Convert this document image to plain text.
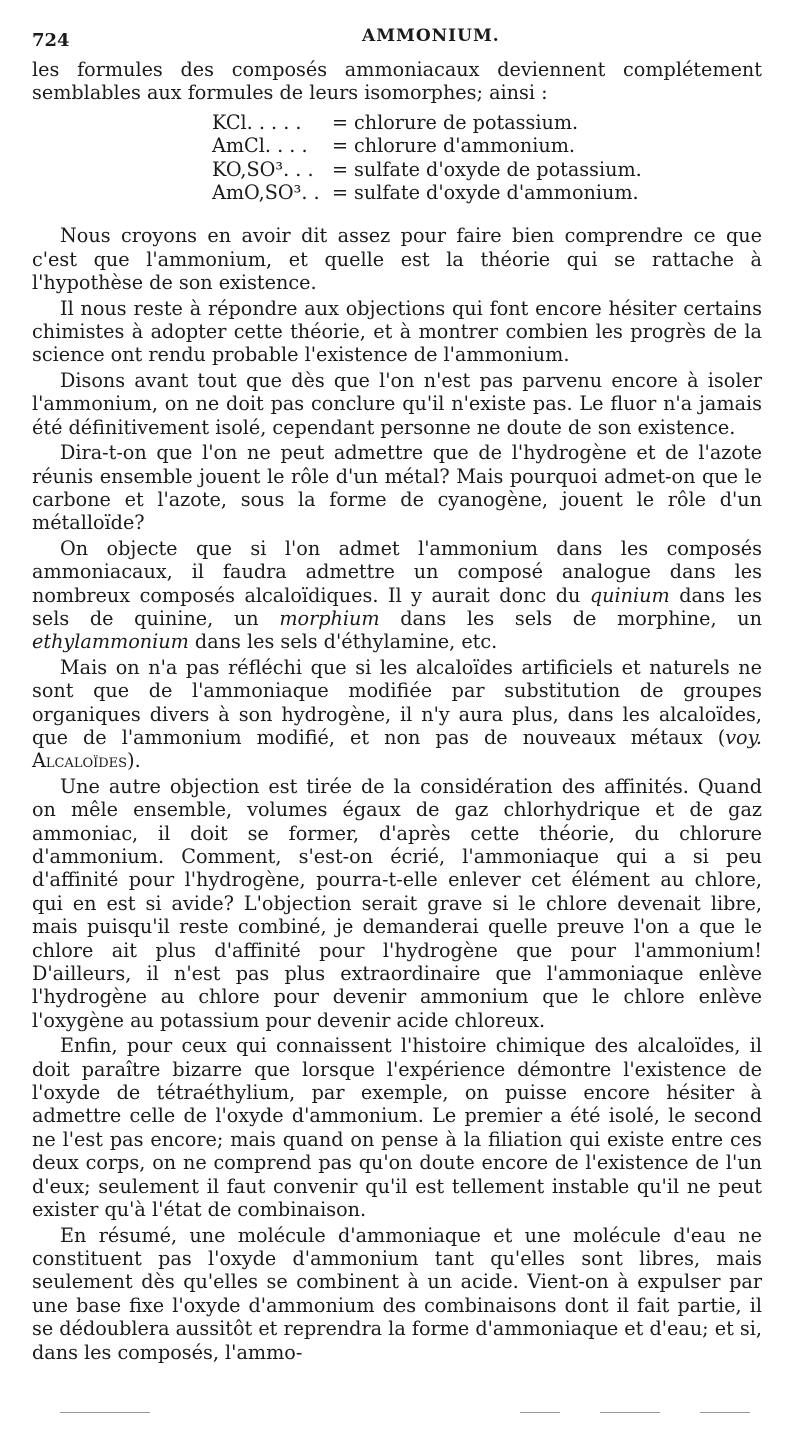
724	AMMONIUM.

les formules des composés ammoniacaux deviennent complétement semblables aux formules de leurs isomorphes; ainsi :

KCl. . . . . = chlorure de potassium.
AmCl. . . . = chlorure d'ammonium.
KO,SO³. . . = sulfate d'oxyde de potassium.
AmO,SO³. . = sulfate d'oxyde d'ammonium.

Nous croyons en avoir dit assez pour faire bien comprendre ce que c'est que l'ammonium, et quelle est la théorie qui se rattache à l'hypothèse de son existence.

Il nous reste à répondre aux objections qui font encore hésiter certains chimistes à adopter cette théorie, et à montrer combien les progrès de la science ont rendu probable l'existence de l'ammonium.

Disons avant tout que dès que l'on n'est pas parvenu encore à isoler l'ammonium, on ne doit pas conclure qu'il n'existe pas. Le fluor n'a jamais été définitivement isolé, cependant personne ne doute de son existence.

Dira-t-on que l'on ne peut admettre que de l'hydrogène et de l'azote réunis ensemble jouent le rôle d'un métal? Mais pourquoi admet-on que le carbone et l'azote, sous la forme de cyanogène, jouent le rôle d'un métalloïde?

On objecte que si l'on admet l'ammonium dans les composés ammoniacaux, il faudra admettre un composé analogue dans les nombreux composés alcaloïdiques. Il y aurait donc du quinium dans les sels de quinine, un morphium dans les sels de morphine, un ethylammonium dans les sels d'éthylamine, etc.

Mais on n'a pas réfléchi que si les alcaloïdes artificiels et naturels ne sont que de l'ammoniaque modifiée par substitution de groupes organiques divers à son hydrogène, il n'y aura plus, dans les alcaloïdes, que de l'ammonium modifié, et non pas de nouveaux métaux (voy. Alcaloïdes).

Une autre objection est tirée de la considération des affinités. Quand on mêle ensemble, volumes égaux de gaz chlorhydrique et de gaz ammoniac, il doit se former, d'après cette théorie, du chlorure d'ammonium. Comment, s'est-on écrié, l'ammoniaque qui a si peu d'affinité pour l'hydrogène, pourra-t-elle enlever cet élément au chlore, qui en est si avide? L'objection serait grave si le chlore devenait libre, mais puisqu'il reste combiné, je demanderai quelle preuve l'on a que le chlore ait plus d'affinité pour l'hydrogène que pour l'ammonium! D'ailleurs, il n'est pas plus extraordinaire que l'ammoniaque enlève l'hydrogène au chlore pour devenir ammonium que le chlore enlève l'oxygène au potassium pour devenir acide chloreux.

Enfin, pour ceux qui connaissent l'histoire chimique des alcaloïdes, il doit paraître bizarre que lorsque l'expérience démontre l'existence de l'oxyde de tétraéthylium, par exemple, on puisse encore hésiter à admettre celle de l'oxyde d'ammonium. Le premier a été isolé, le second ne l'est pas encore; mais quand on pense à la filiation qui existe entre ces deux corps, on ne comprend pas qu'on doute encore de l'existence de l'un d'eux; seulement il faut convenir qu'il est tellement instable qu'il ne peut exister qu'à l'état de combinaison.

En résumé, une molécule d'ammoniaque et une molécule d'eau ne constituent pas l'oxyde d'ammonium tant qu'elles sont libres, mais seulement dès qu'elles se combinent à un acide. Vient-on à expulser par une base fixe l'oxyde d'ammonium des combinaisons dont il fait partie, il se dédoublera aussitôt et reprendra la forme d'ammoniaque et d'eau; et si, dans les composés, l'ammo-
